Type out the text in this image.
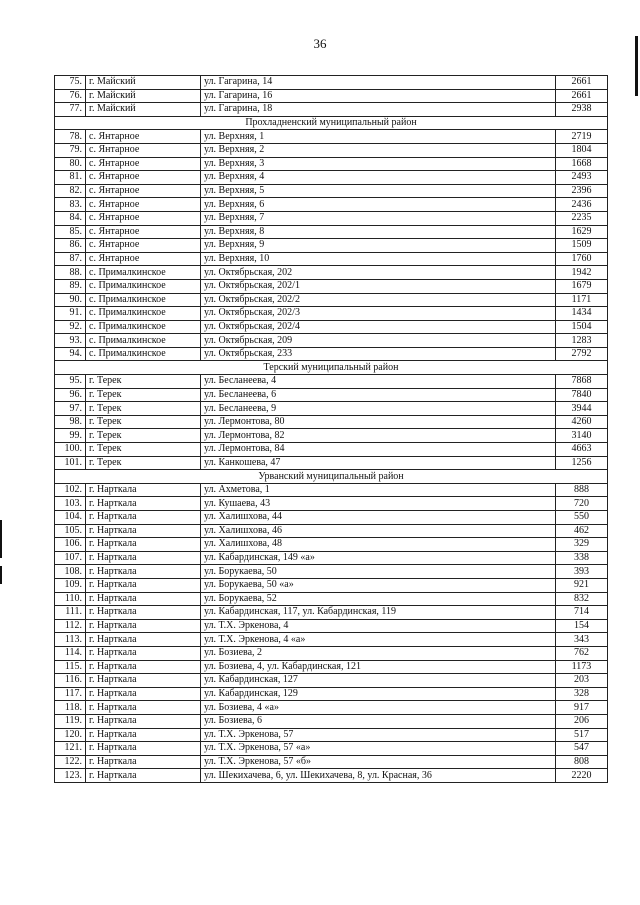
36
75.	г. Майский	ул. Гагарина, 14	2661
76.	г. Майский	ул. Гагарина, 16	2661
77.	г. Майский	ул. Гагарина, 18	2938
Прохладненский муниципальный район			
78.	с. Янтарное	ул. Верхняя, 1	2719
79.	с. Янтарное	ул. Верхняя, 2	1804
80.	с. Янтарное	ул. Верхняя, 3	1668
81.	с. Янтарное	ул. Верхняя, 4	2493
82.	с. Янтарное	ул. Верхняя, 5	2396
83.	с. Янтарное	ул. Верхняя, 6	2436
84.	с. Янтарное	ул. Верхняя, 7	2235
85.	с. Янтарное	ул. Верхняя, 8	1629
86.	с. Янтарное	ул. Верхняя, 9	1509
87.	с. Янтарное	ул. Верхняя, 10	1760
88.	с. Прималкинское	ул. Октябрьская, 202	1942
89.	с. Прималкинское	ул. Октябрьская, 202/1	1679
90.	с. Прималкинское	ул. Октябрьская, 202/2	1171
91.	с. Прималкинское	ул. Октябрьская, 202/3	1434
92.	с. Прималкинское	ул. Октябрьская, 202/4	1504
93.	с. Прималкинское	ул. Октябрьская, 209	1283
94.	с. Прималкинское	ул. Октябрьская, 233	2792
Терский муниципальный район			
95.	г. Терек	ул. Бесланеева, 4	7868
96.	г. Терек	ул. Бесланеева, 6	7840
97.	г. Терек	ул. Бесланеева, 9	3944
98.	г. Терек	ул. Лермонтова, 80	4260
99.	г. Терек	ул. Лермонтова, 82	3140
100.	г. Терек	ул. Лермонтова, 84	4663
101.	г. Терек	ул. Канкошева, 47	1256
Урванский муниципальный район			
102.	г. Нарткала	ул. Ахметова, 1	888
103.	г. Нарткала	ул. Кушаева, 43	720
104.	г. Нарткала	ул. Халишхова, 44	550
105.	г. Нарткала	ул. Халишхова, 46	462
106.	г. Нарткала	ул. Халишхова, 48	329
107.	г. Нарткала	ул. Кабардинская, 149 «а»	338
108.	г. Нарткала	ул. Борукаева, 50	393
109.	г. Нарткала	ул. Борукаева, 50 «а»	921
110.	г. Нарткала	ул. Борукаева, 52	832
111.	г. Нарткала	ул. Кабардинская, 117, ул. Кабардинская, 119	714
112.	г. Нарткала	ул. Т.Х. Эркенова, 4	154
113.	г. Нарткала	ул. Т.Х. Эркенова, 4 «а»	343
114.	г. Нарткала	ул. Бозиева, 2	762
115.	г. Нарткала	ул. Бозиева, 4, ул. Кабардинская, 121	1173
116.	г. Нарткала	ул. Кабардинская, 127	203
117.	г. Нарткала	ул. Кабардинская, 129	328
118.	г. Нарткала	ул. Бозиева, 4 «а»	917
119.	г. Нарткала	ул. Бозиева, 6	206
120.	г. Нарткала	ул. Т.Х. Эркенова, 57	517
121.	г. Нарткала	ул. Т.Х. Эркенова, 57 «а»	547
122.	г. Нарткала	ул. Т.Х. Эркенова, 57 «б»	808
123.	г. Нарткала	ул. Шекихачева, 6, ул. Шекихачева, 8, ул. Красная, 36	2220
